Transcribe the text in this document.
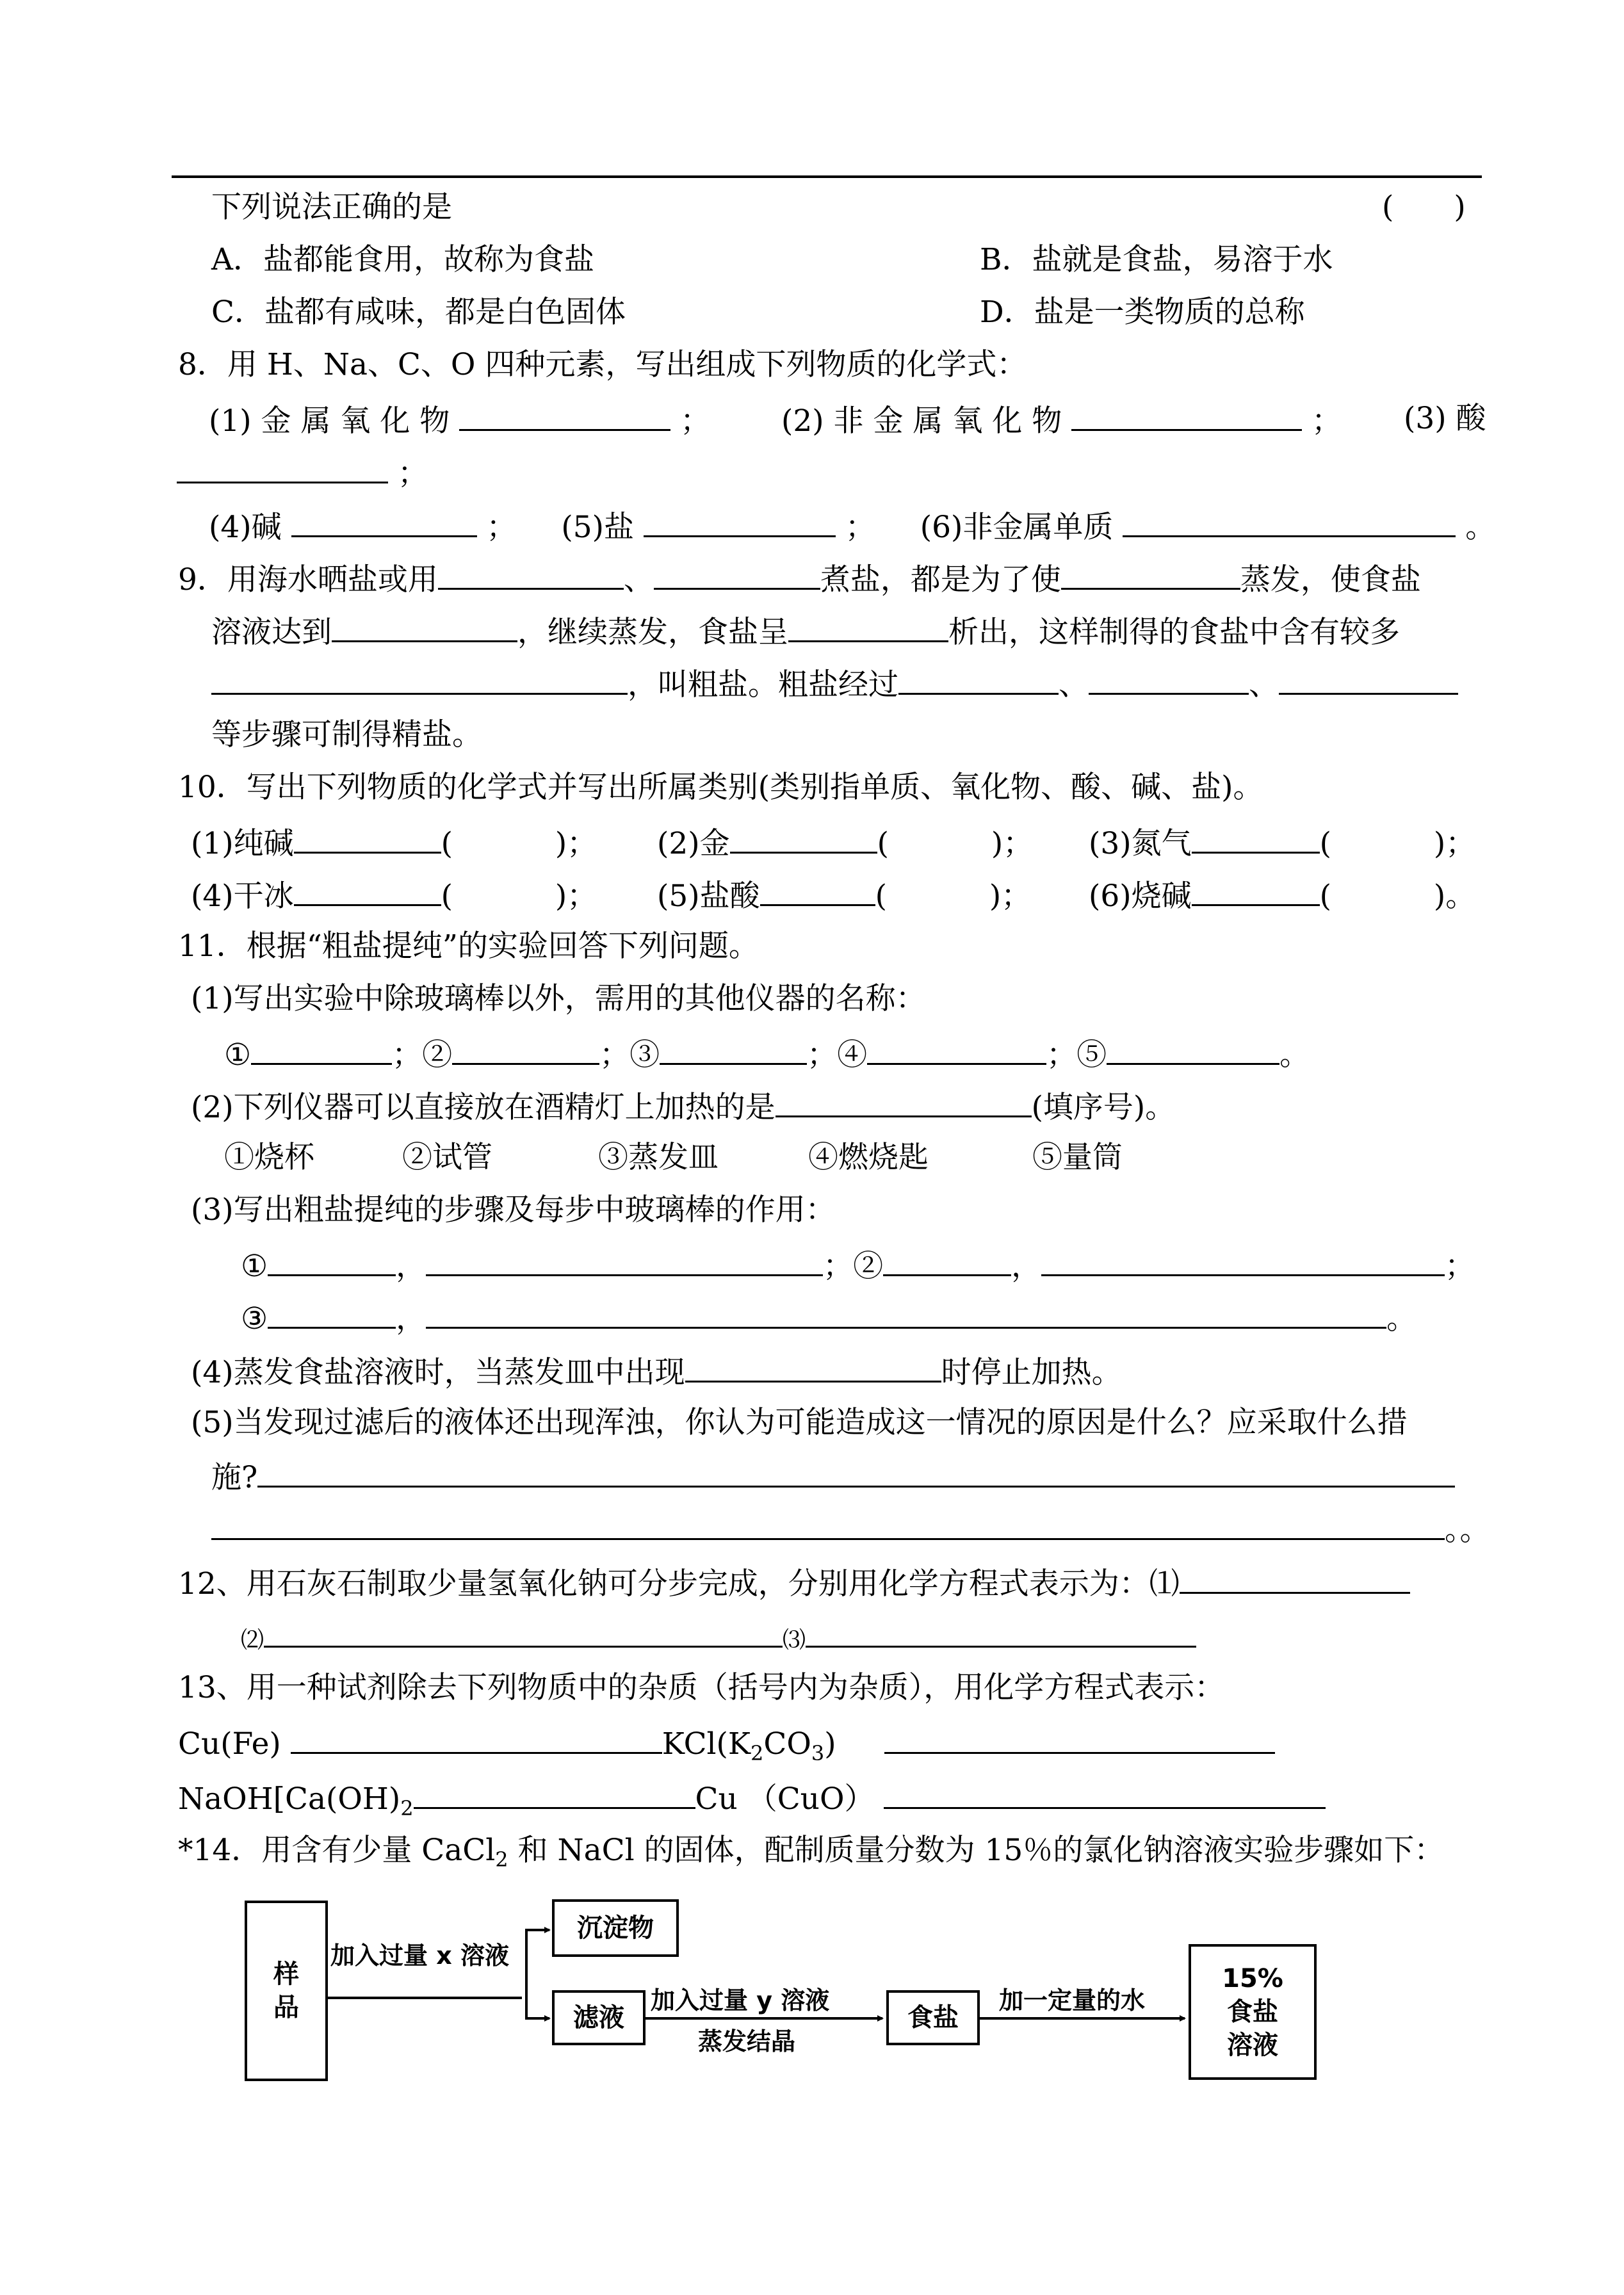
下列说法正确的是	(　　)
A．盐都能食用，故称为食盐	B．盐就是食盐，易溶于水
C．盐都有咸味，都是白色固体	D．盐是一类物质的总称
8．用 H、Na、C、O 四种元素，写出组成下列物质的化学式：
(1) 金 属 氧 化 物	； (2) 非 金 属 氧 化 物	； (3) 酸
；
(4)碱	； (5)盐	； (6)非金属单质	。
9．用海水晒盐或用	、	煮盐，都是为了使	蒸发，使食盐
溶液达到	，继续蒸发，食盐呈	析出，这样制得的食盐中含有较多
，叫粗盐。粗盐经过	、	、
等步骤可制得精盐。
10．写出下列物质的化学式并写出所属类别(类别指单质、氧化物、酸、碱、盐)。
(1)纯碱	(	)； (2)金	(	)； (3)氮气	(	)；
(4)干冰	(	)； (5)盐酸	(	)； (6)烧碱	(	)。
11．根据“粗盐提纯”的实验回答下列问题。
(1)写出实验中除玻璃棒以外，需用的其他仪器的名称：
①	；②	；③	；④	；⑤	。
(2)下列仪器可以直接放在酒精灯上加热的是	(填序号)。
①烧杯	②试管	③蒸发皿	④燃烧匙	⑤量筒
(3)写出粗盐提纯的步骤及每步中玻璃棒的作用：
①	，	；②	，	；
③	，	。
(4)蒸发食盐溶液时，当蒸发皿中出现	时停止加热。
(5)当发现过滤后的液体还出现浑浊，你认为可能造成这一情况的原因是什么？应采取什么措
施?
。。
12、用石灰石制取少量氢氧化钠可分步完成，分别用化学方程式表示为：⑴
⑵	⑶
13、用一种试剂除去下列物质中的杂质（括号内为杂质），用化学方程式表示：
Cu(Fe)	$KCl(K_2CO_3)$
$NaOH[Ca(OH)_2$	Cu （CuO）
*14．用含有少量 CaCl$_2$ 和 NaCl 的固体，配制质量分数为 15％的氯化钠溶液实验步骤如下：
样
品
沉淀物
滤液	食盐
15%
食盐
溶液
加入过量 x 溶液
加入过量 y 溶液
蒸发结晶
加一定量的水
